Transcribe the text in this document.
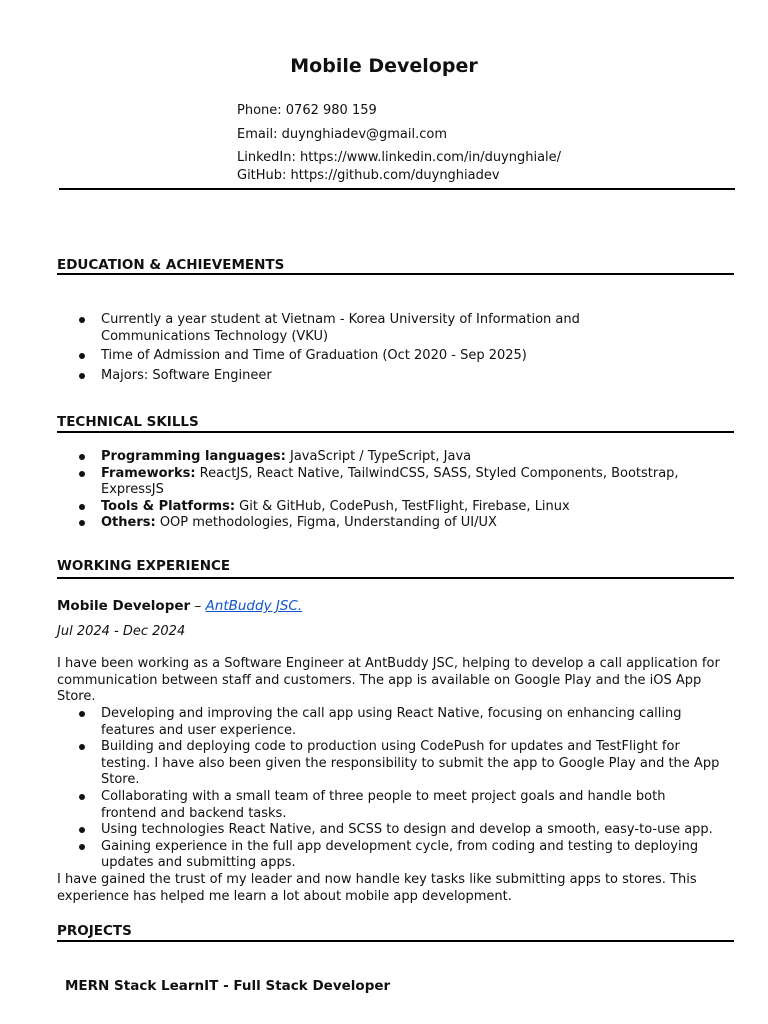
Mobile Developer
Phone: 0762 980 159
Email: duynghiadev@gmail.com
LinkedIn: https://www.linkedin.com/in/duynghiale/
GitHub: https://github.com/duynghiadev
EDUCATION & ACHIEVEMENTS
Currently a year student at Vietnam - Korea University of Information and
Communications Technology (VKU)
Time of Admission and Time of Graduation (Oct 2020 - Sep 2025)
Majors: Software Engineer
TECHNICAL SKILLS
Programming languages: JavaScript / TypeScript, Java
Frameworks: ReactJS, React Native, TailwindCSS, SASS, Styled Components, Bootstrap,
ExpressJS
Tools & Platforms: Git & GitHub, CodePush, TestFlight, Firebase, Linux
Others: OOP methodologies, Figma, Understanding of UI/UX
WORKING EXPERIENCE
Mobile Developer – AntBuddy JSC.
Jul 2024 - Dec 2024
I have been working as a Software Engineer at AntBuddy JSC, helping to develop a call application for
communication between staff and customers. The app is available on Google Play and the iOS App
Store.
Developing and improving the call app using React Native, focusing on enhancing calling
features and user experience.
Building and deploying code to production using CodePush for updates and TestFlight for
testing. I have also been given the responsibility to submit the app to Google Play and the App
Store.
Collaborating with a small team of three people to meet project goals and handle both
frontend and backend tasks.
Using technologies React Native, and SCSS to design and develop a smooth, easy-to-use app.
Gaining experience in the full app development cycle, from coding and testing to deploying
updates and submitting apps.
I have gained the trust of my leader and now handle key tasks like submitting apps to stores. This
experience has helped me learn a lot about mobile app development.
PROJECTS
MERN Stack LearnIT - Full Stack Developer
